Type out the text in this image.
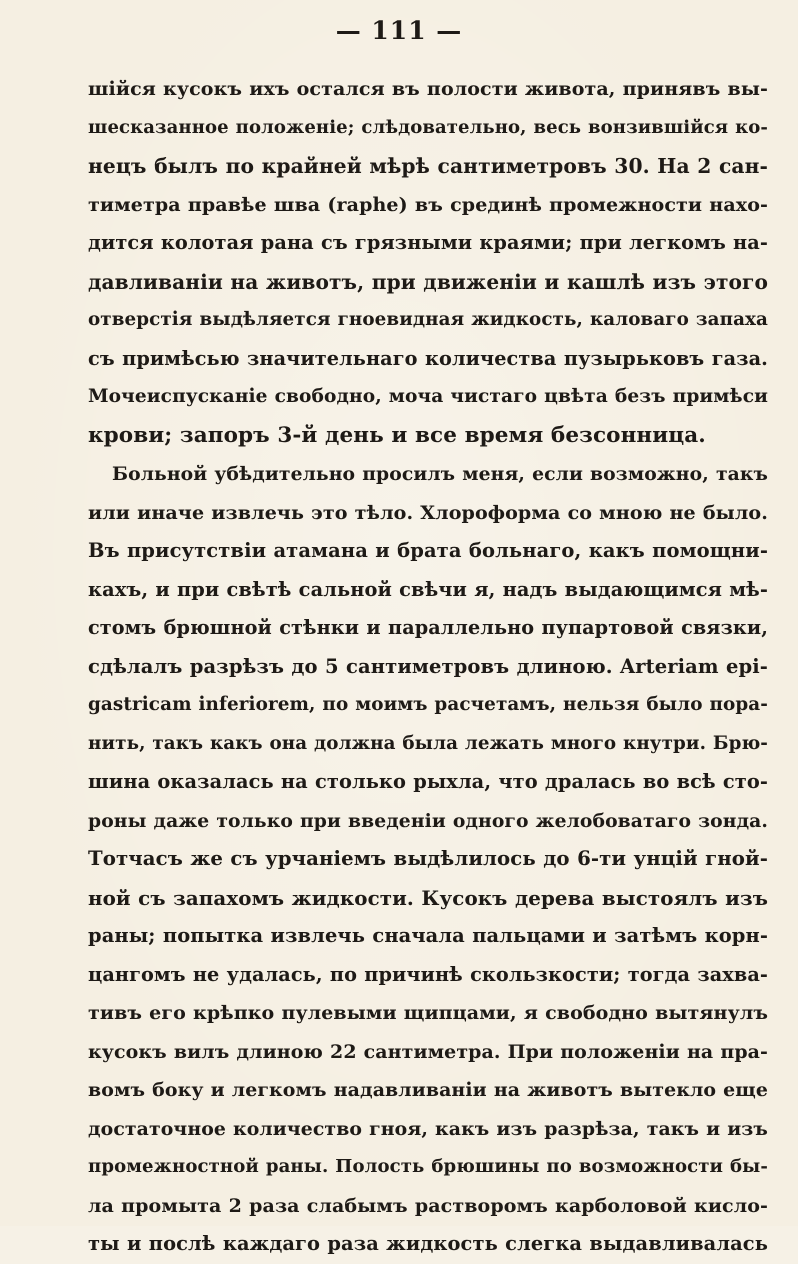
— 111 —
шійся кусокъ ихъ остался въ полости живота, принявъ вы-
шесказанное положеніе; слѣдовательно, весь вонзившійся ко-
нецъ былъ по крайней мѣрѣ сантиметровъ 30. На 2 сан-
тиметра правѣе шва (raphe) въ срединѣ промежности нахо-
дится колотая рана съ грязными краями; при легкомъ на-
давливаніи на животъ, при движеніи и кашлѣ изъ этого
отверстія выдѣляется гноевидная жидкость, каловаго запаха
съ примѣсью значительнаго количества пузырьковъ газа.
Мочеиспусканіе свободно, моча чистаго цвѣта безъ примѣси
крови; запоръ 3-й день и все время безсонница.
Больной убѣдительно просилъ меня, если возможно, такъ
или иначе извлечь это тѣло. Хлороформа со мною не было.
Въ присутствіи атамана и брата больнаго, какъ помощни-
кахъ, и при свѣтѣ сальной свѣчи я, надъ выдающимся мѣ-
стомъ брюшной стѣнки и параллельно пупартовой связки,
сдѣлалъ разрѣзъ до 5 сантиметровъ длиною. Arteriam epi-
gastricam inferiorem, по моимъ расчетамъ, нельзя было пора-
нить, такъ какъ она должна была лежать много кнутри. Брю-
шина оказалась на столько рыхла, что дралась во всѣ сто-
роны даже только при введеніи одного желобоватаго зонда.
Тотчасъ же съ урчаніемъ выдѣлилось до 6-ти унцій гной-
ной съ запахомъ жидкости. Кусокъ дерева выстоялъ изъ
раны; попытка извлечь сначала пальцами и затѣмъ корн-
цангомъ не удалась, по причинѣ скользкости; тогда захва-
тивъ его крѣпко пулевыми щипцами, я свободно вытянулъ
кусокъ вилъ длиною 22 сантиметра. При положеніи на пра-
вомъ боку и легкомъ надавливаніи на животъ вытекло еще
достаточное количество гноя, какъ изъ разрѣза, такъ и изъ
промежностной раны. Полость брюшины по возможности бы-
ла промыта 2 раза слабымъ растворомъ карболовой кисло-
ты и послѣ каждаго раза жидкость слегка выдавливалась
